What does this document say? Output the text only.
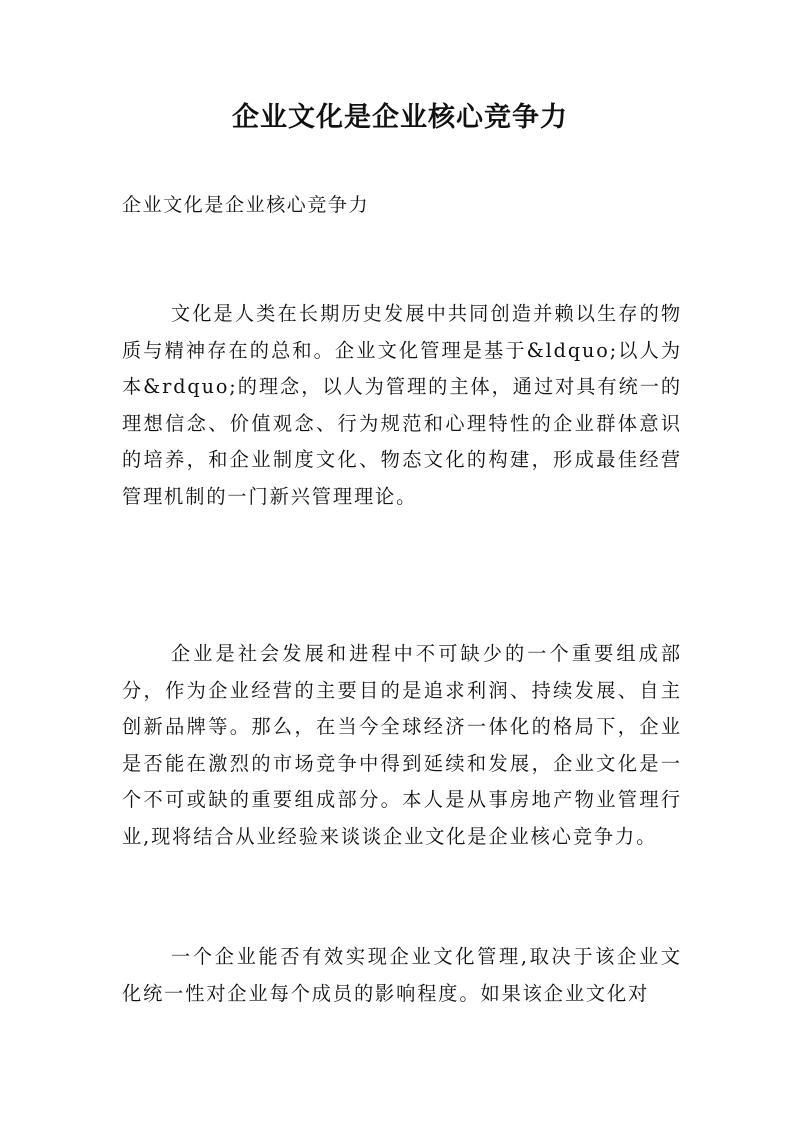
企业文化是企业核心竞争力

企业文化是企业核心竞争力

文化是人类在长期历史发展中共同创造并赖以生存的物质与精神存在的总和。企业文化管理是基于&ldquo;以人为本&rdquo;的理念，以人为管理的主体，通过对具有统一的理想信念、价值观念、行为规范和心理特性的企业群体意识的培养，和企业制度文化、物态文化的构建，形成最佳经营管理机制的一门新兴管理理论。

企业是社会发展和进程中不可缺少的一个重要组成部分，作为企业经营的主要目的是追求利润、持续发展、自主创新品牌等。那么，在当今全球经济一体化的格局下，企业是否能在激烈的市场竞争中得到延续和发展，企业文化是一个不可或缺的重要组成部分。本人是从事房地产物业管理行业,现将结合从业经验来谈谈企业文化是企业核心竞争力。

一个企业能否有效实现企业文化管理,取决于该企业文化统一性对企业每个成员的影响程度。如果该企业文化对
